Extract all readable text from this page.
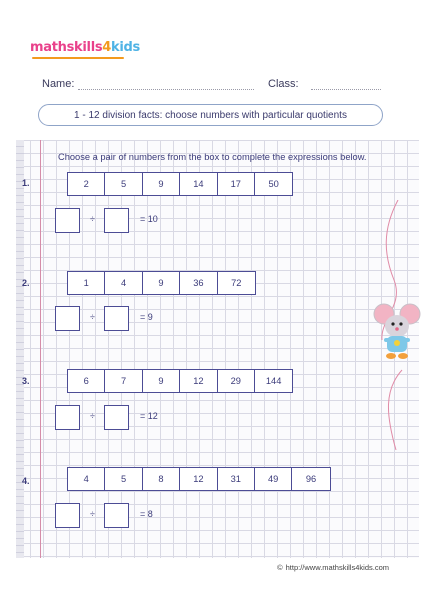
math skills 4 kids
Name:	Class:
1 - 12 division facts: choose numbers with particular quotients
Choose a pair of numbers from the box to complete the expressions below.
1.	2	5	9	14	17	50
÷	= 10
2.	1	4	9	36	72
÷	= 9
3.	6	7	9	12	29	144
÷	= 12
4.	4	5	8	12	31	49	96
÷	= 8
© http://www.mathskills4kids.com
